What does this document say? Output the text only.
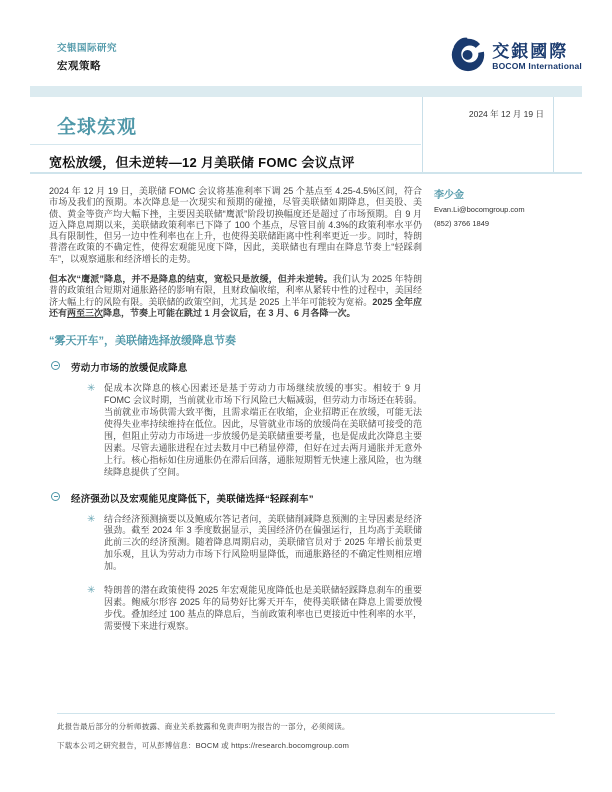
交银国际研究
宏观策略
交銀國際
BOCOM International
2024 年 12 月 19 日
全球宏观
宽松放缓，但未逆转—12 月美联储 FOMC 会议点评

2024 年 12 月 19 日，美联储 FOMC 会议将基准利率下调 25 个基点至 4.25-4.5%区间，符合市场及我们的预期。本次降息是一次现实和预期的碰撞，尽管美联储如期降息，但美股、美债、黄金等资产均大幅下挫，主要因美联储“鹰派”阶段切换幅度还是超过了市场预期。自 9 月迈入降息周期以来，美联储政策利率已下降了 100 个基点，尽管目前 4.3%的政策利率水平仍具有限制性，但另一边中性利率也在上升，也使得美联储距离中性利率更近一步。同时，特朗普潜在政策的不确定性，使得宏观能见度下降，因此，美联储也有理由在降息节奏上“轻踩刹车”，以观察通胀和经济增长的走势。

但本次“鹰派”降息，并不是降息的结束，宽松只是放缓，但并未逆转。我们认为 2025 年特朗普的政策组合短期对通胀路径的影响有限，且财政偏收缩，利率从紧转中性的过程中，美国经济大幅上行的风险有限。美联储的政策空间，尤其是 2025 上半年可能较为宽裕。2025 全年应还有两至三次降息，节奏上可能在跳过 1 月会议后，在 3 月、6 月各降一次。

“雾天开车”，美联储选择放缓降息节奏
劳动力市场的放缓促成降息
✳ 促成本次降息的核心因素还是基于劳动力市场继续放缓的事实。相较于 9 月 FOMC 会议时期，当前就业市场下行风险已大幅减弱，但劳动力市场还在转弱。当前就业市场供需大致平衡，且需求端正在收缩，企业招聘正在放缓，可能无法使得失业率持续维持在低位。因此，尽管就业市场的放缓尚在美联储可接受的范围，但阻止劳动力市场进一步放缓仍是美联储重要考量，也是促成此次降息主要因素。尽管去通胀进程在过去数月中已稍显停滞，但好在过去两月通胀并无意外上行。核心指标如住房通胀仍在滞后回落，通胀短期暂无快速上涨风险，也为继续降息提供了空间。
经济强劲以及宏观能见度降低下，美联储选择“轻踩刹车”
✳ 结合经济预测摘要以及鲍威尔答记者问，美联储削减降息预测的主导因素是经济强劲。截至 2024 年 3 季度数据显示，美国经济仍在偏强运行，且均高于美联储此前三次的经济预测。随着降息周期启动，美联储官员对于 2025 年增长前景更加乐观，且认为劳动力市场下行风险明显降低，而通胀路径的不确定性则相应增加。
✳ 特朗普的潜在政策使得 2025 年宏观能见度降低也是美联储轻踩降息刹车的重要因素。鲍威尔形容 2025 年的局势好比雾天开车，使得美联储在降息上需要放慢步伐。叠加经过 100 基点的降息后，当前政策利率也已更接近中性利率的水平，需要慢下来进行观察。
李少金
Evan.Li@bocomgroup.com
(852) 3766 1849
此报告最后部分的分析师披露、商业关系披露和免责声明为报告的一部分，必须阅读。
下载本公司之研究报告，可从彭博信息：BOCM 或 https://research.bocomgroup.com
